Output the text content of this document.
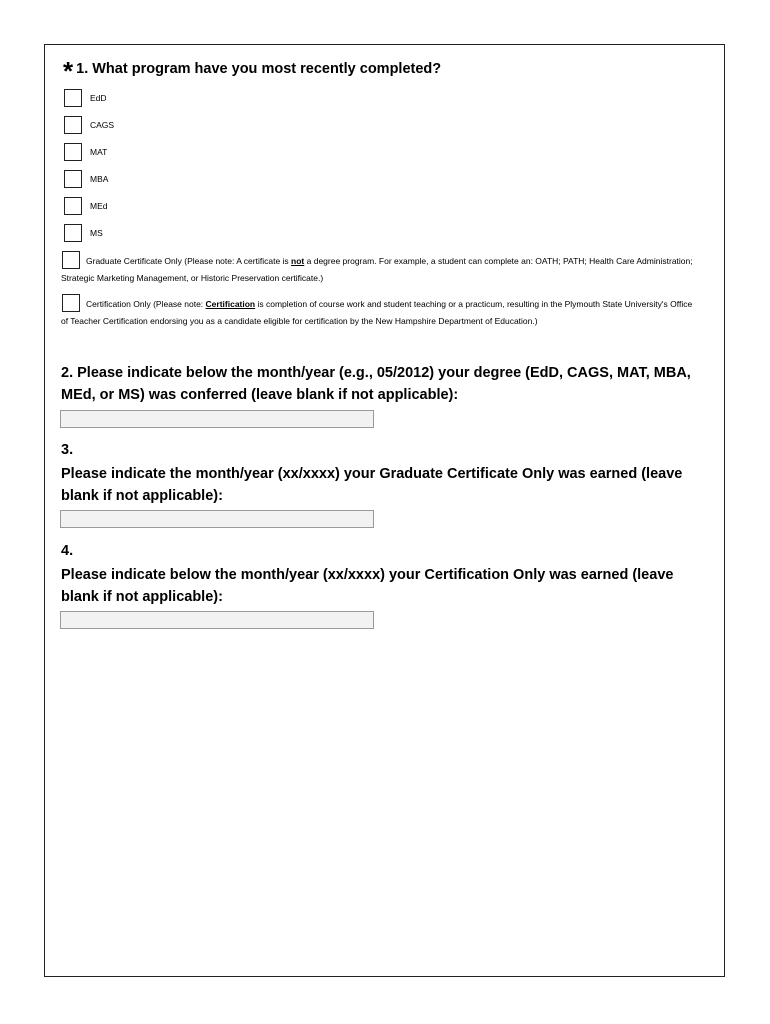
* 1. What program have you most recently completed?
EdD
CAGS
MAT
MBA
MEd
MS
Graduate Certificate Only (Please note: A certificate is not a degree program. For example, a student can complete an: OATH; PATH; Health Care Administration; Strategic Marketing Management, or Historic Preservation certificate.)
Certification Only (Please note: Certification is completion of course work and student teaching or a practicum, resulting in the Plymouth State University's Office of Teacher Certification endorsing you as a candidate eligible for certification by the New Hampshire Department of Education.)
2. Please indicate below the month/year (e.g., 05/2012) your degree (EdD, CAGS, MAT, MBA, MEd, or MS) was conferred (leave blank if not applicable):
3.
Please indicate the month/year (xx/xxxx) your Graduate Certificate Only was earned (leave blank if not applicable):
4.
Please indicate below the month/year (xx/xxxx) your Certification Only was earned (leave blank if not applicable):
